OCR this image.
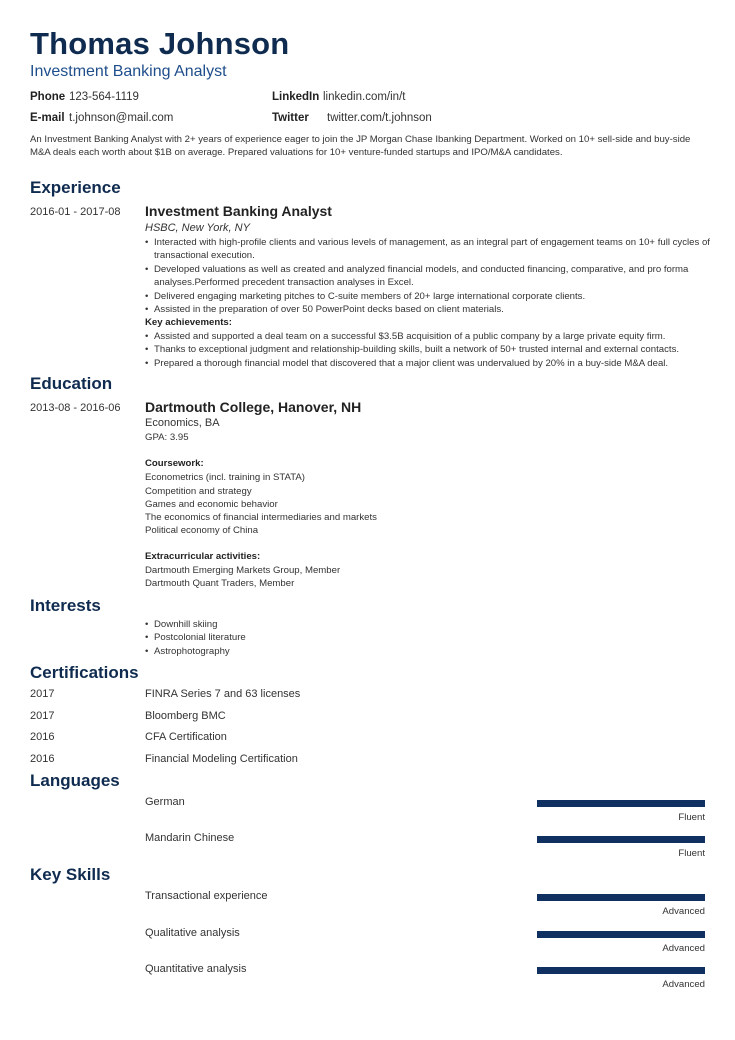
Thomas Johnson
Investment Banking Analyst
Phone 123-564-1119	LinkedIn linkedin.com/in/t
E-mail t.johnson@mail.com	Twitter twitter.com/t.johnson
An Investment Banking Analyst with 2+ years of experience eager to join the JP Morgan Chase Ibanking Department. Worked on 10+ sell-side and buy-side M&A deals each worth about $1B on average. Prepared valuations for 10+ venture-funded startups and IPO/M&A candidates.
Experience
2016-01 - 2017-08 Investment Banking Analyst
HSBC, New York, NY
• Interacted with high-profile clients and various levels of management, as an integral part of engagement teams on 10+ full cycles of transactional execution.
• Developed valuations as well as created and analyzed financial models, and conducted financing, comparative, and pro forma analyses.Performed precedent transaction analyses in Excel.
• Delivered engaging marketing pitches to C-suite members of 20+ large international corporate clients.
• Assisted in the preparation of over 50 PowerPoint decks based on client materials.
Key achievements:
• Assisted and supported a deal team on a successful $3.5B acquisition of a public company by a large private equity firm.
• Thanks to exceptional judgment and relationship-building skills, built a network of 50+ trusted internal and external contacts.
• Prepared a thorough financial model that discovered that a major client was undervalued by 20% in a buy-side M&A deal.
Education
2013-08 - 2016-06 Dartmouth College, Hanover, NH
Economics, BA
GPA: 3.95
Coursework:
Econometrics (incl. training in STATA)
Competition and strategy
Games and economic behavior
The economics of financial intermediaries and markets
Political economy of China
Extracurricular activities:
Dartmouth Emerging Markets Group, Member
Dartmouth Quant Traders, Member
Interests
• Downhill skiing
• Postcolonial literature
• Astrophotography
Certifications
2017	FINRA Series 7 and 63 licenses
2017	Bloomberg BMC
2016	CFA Certification
2016	Financial Modeling Certification
Languages
German
Fluent
Mandarin Chinese
Fluent
Key Skills
Transactional experience
Advanced
Qualitative analysis
Advanced
Quantitative analysis
Advanced
